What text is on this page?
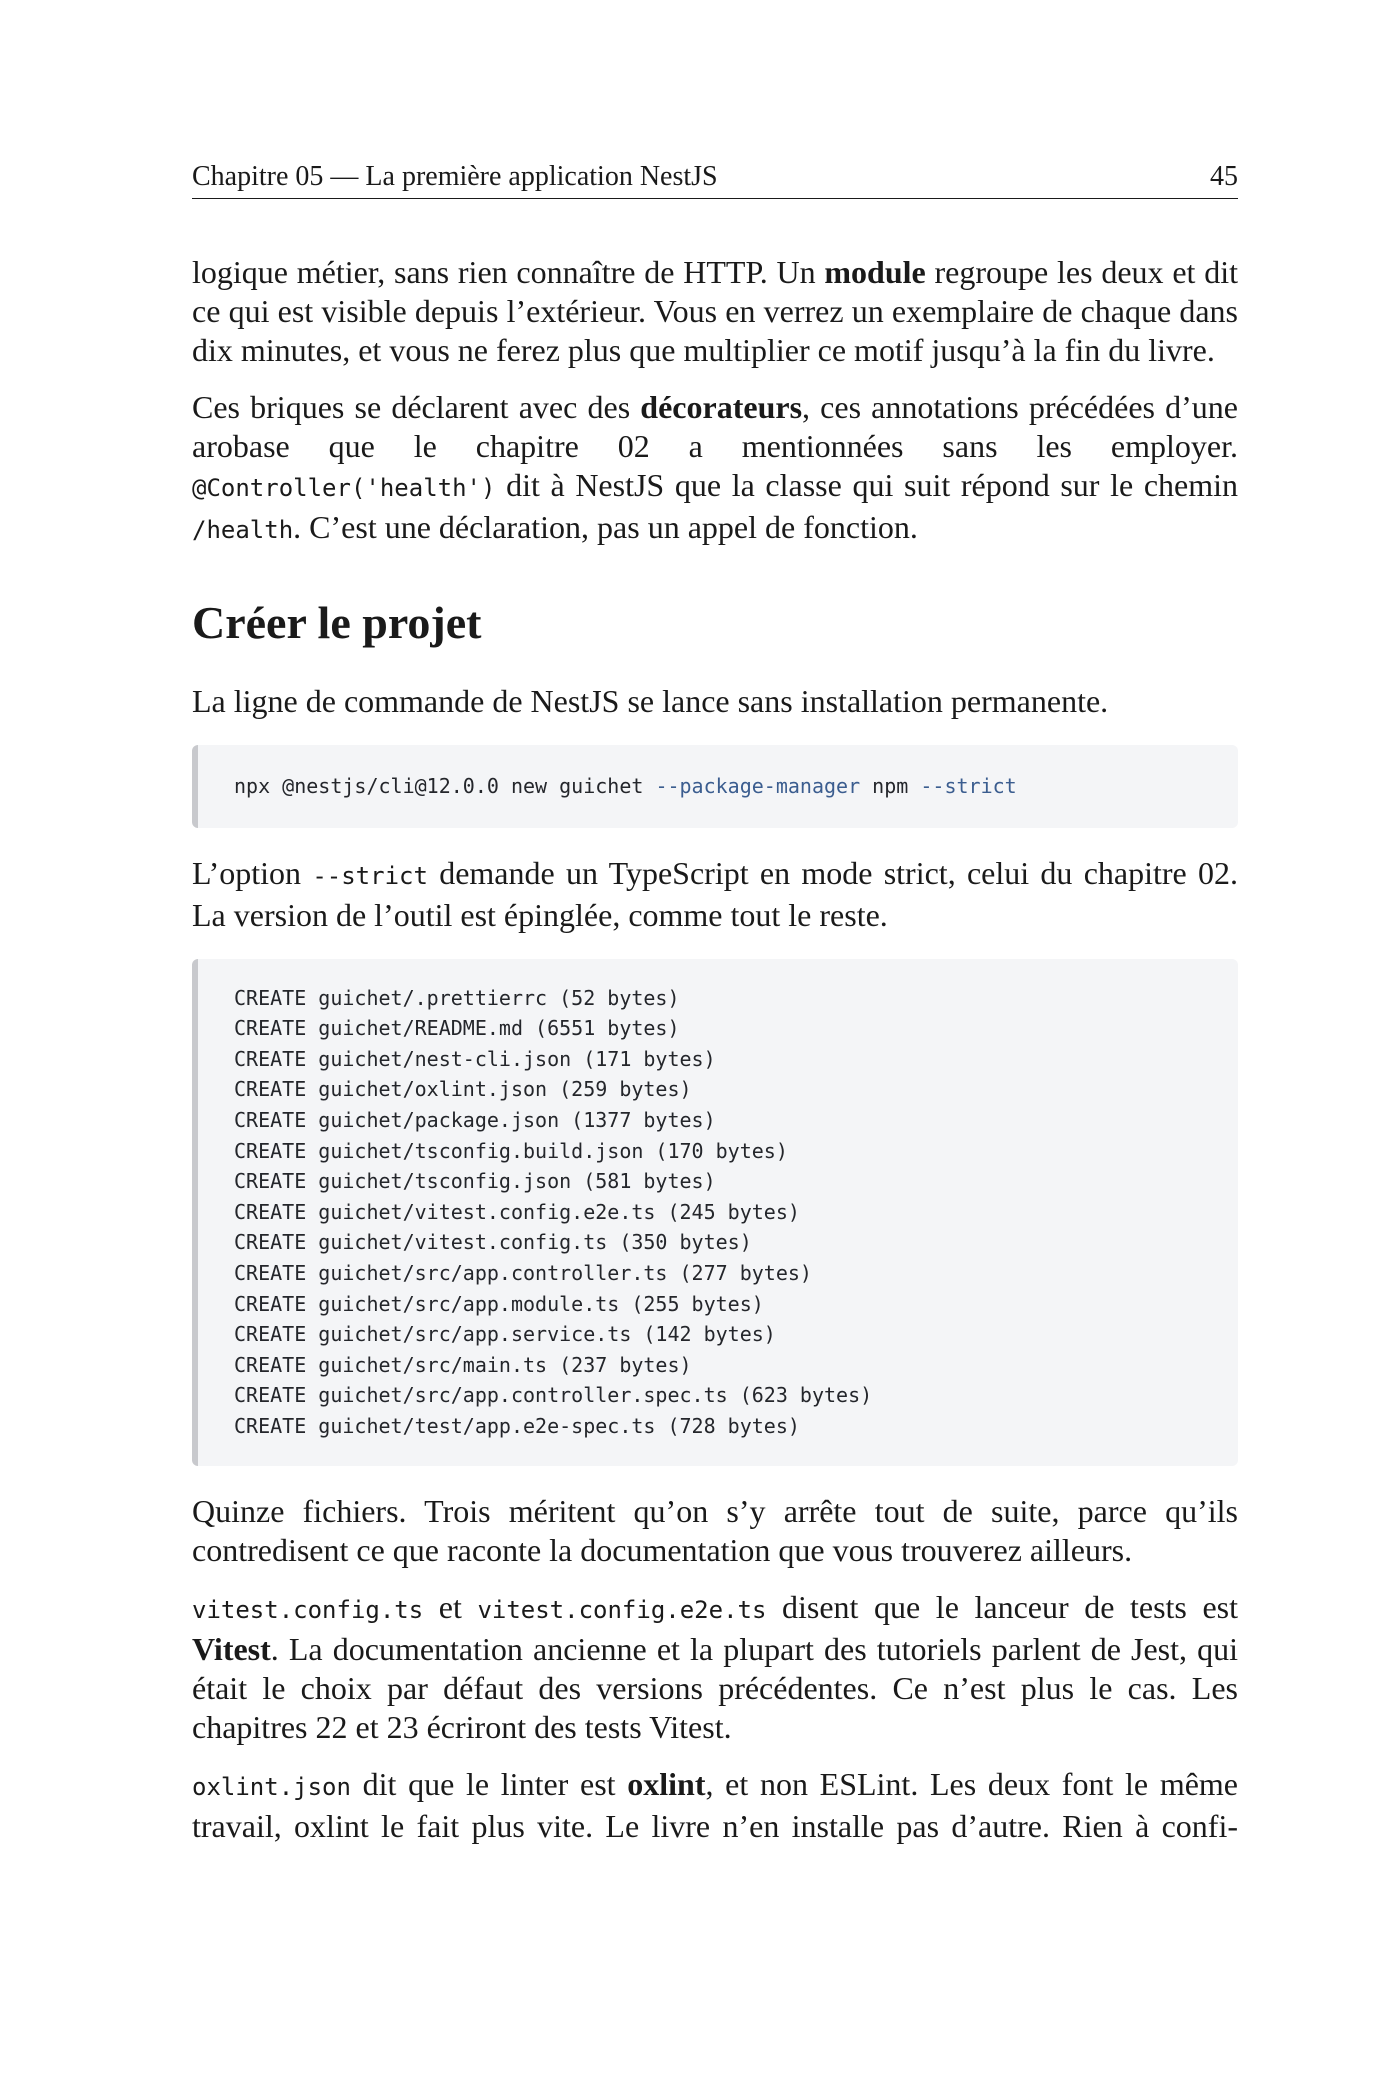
Chapitre 05 — La première application NestJS	45

logique métier, sans rien connaître de HTTP. Un module regroupe les deux et dit ce qui est visible depuis l’extérieur. Vous en verrez un exemplaire de chaque dans dix minutes, et vous ne ferez plus que multiplier ce motif jusqu’à la fin du livre.

Ces briques se déclarent avec des décorateurs, ces annotations précédées d’une arobase que le chapitre 02 a mentionnées sans les employer. @Controller('health') dit à NestJS que la classe qui suit répond sur le chemin /health. C’est une déclaration, pas un appel de fonction.

Créer le projet

La ligne de commande de NestJS se lance sans installation permanente.

npx @nestjs/cli@12.0.0 new guichet --package-manager npm --strict

L’option --strict demande un TypeScript en mode strict, celui du chapitre 02. La version de l’outil est épinglée, comme tout le reste.

CREATE guichet/.prettierrc (52 bytes)
CREATE guichet/README.md (6551 bytes)
CREATE guichet/nest-cli.json (171 bytes)
CREATE guichet/oxlint.json (259 bytes)
CREATE guichet/package.json (1377 bytes)
CREATE guichet/tsconfig.build.json (170 bytes)
CREATE guichet/tsconfig.json (581 bytes)
CREATE guichet/vitest.config.e2e.ts (245 bytes)
CREATE guichet/vitest.config.ts (350 bytes)
CREATE guichet/src/app.controller.ts (277 bytes)
CREATE guichet/src/app.module.ts (255 bytes)
CREATE guichet/src/app.service.ts (142 bytes)
CREATE guichet/src/main.ts (237 bytes)
CREATE guichet/src/app.controller.spec.ts (623 bytes)
CREATE guichet/test/app.e2e-spec.ts (728 bytes)

Quinze fichiers. Trois méritent qu’on s’y arrête tout de suite, parce qu’ils contredisent ce que raconte la documentation que vous trouverez ailleurs.

vitest.config.ts et vitest.config.e2e.ts disent que le lanceur de tests est Vitest. La documentation ancienne et la plupart des tutoriels parlent de Jest, qui était le choix par défaut des versions précédentes. Ce n’est plus le cas. Les chapitres 22 et 23 écriront des tests Vitest.

oxlint.json dit que le linter est oxlint, et non ESLint. Les deux font le même travail, oxlint le fait plus vite. Le livre n’en installe pas d’autre. Rien à confi-
